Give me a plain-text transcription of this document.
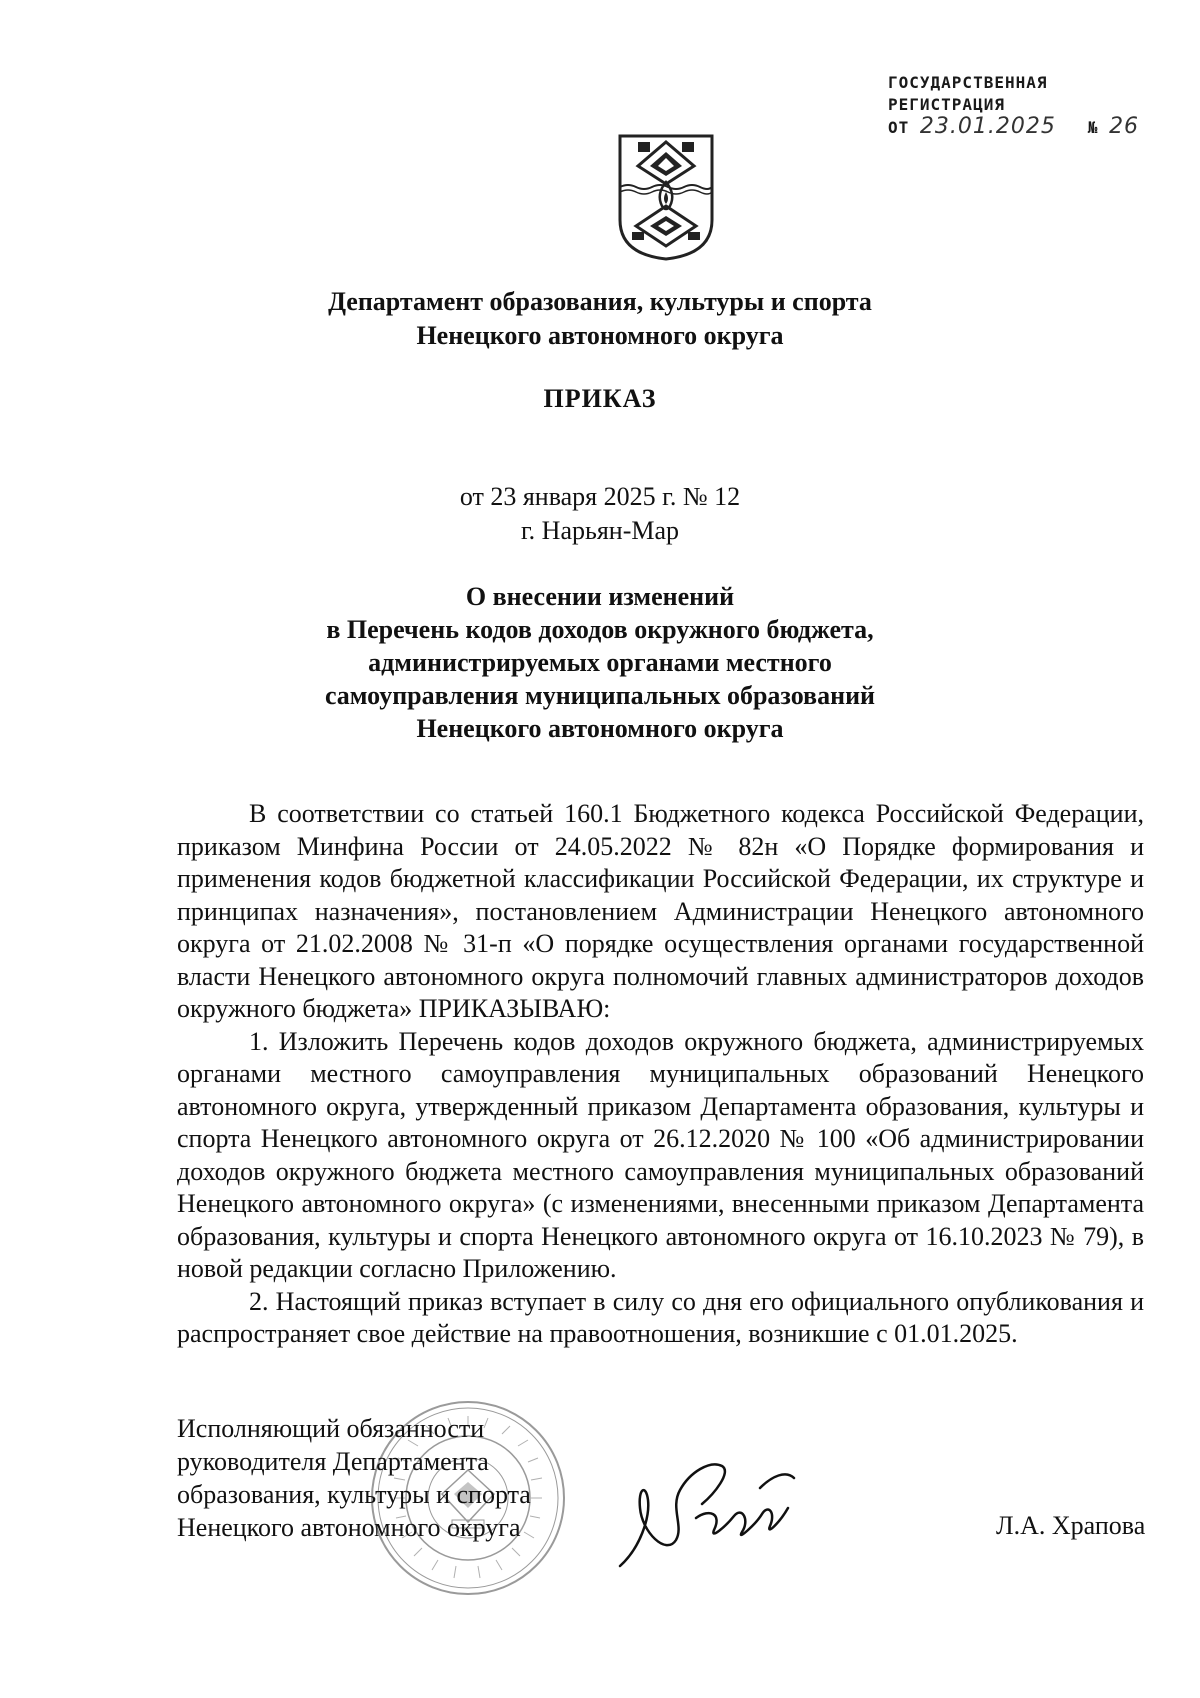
ГОСУДАРСТВЕННАЯ
РЕГИСТРАЦИЯ
ОТ 23.01.2025 № 26
Департамент образования, культуры и спорта
Ненецкого автономного округа
ПРИКАЗ
от 23 января 2025 г. № 12
г. Нарьян-Мар
О внесении изменений
в Перечень кодов доходов окружного бюджета,
администрируемых органами местного
самоуправления муниципальных образований
Ненецкого автономного округа

В соответствии со статьей 160.1 Бюджетного кодекса Российской Федерации, приказом Минфина России от 24.05.2022 № 82н «О Порядке формирования и применения кодов бюджетной классификации Российской Федерации, их структуре и принципах назначения», постановлением Администрации Ненецкого автономного округа от 21.02.2008 № 31-п «О порядке осуществления органами государственной власти Ненецкого автономного округа полномочий главных администраторов доходов окружного бюджета» ПРИКАЗЫВАЮ:

1. Изложить Перечень кодов доходов окружного бюджета, администрируемых органами местного самоуправления муниципальных образований Ненецкого автономного округа, утвержденный приказом Департамента образования, культуры и спорта Ненецкого автономного округа от 26.12.2020 № 100 «Об администрировании доходов окружного бюджета местного самоуправления муниципальных образований Ненецкого автономного округа» (с изменениями, внесенными приказом Департамента образования, культуры и спорта Ненецкого автономного округа от 16.10.2023 № 79), в новой редакции согласно Приложению.

2. Настоящий приказ вступает в силу со дня его официального опубликования и распространяет свое действие на правоотношения, возникшие с 01.01.2025.

Исполняющий обязанности
руководителя Департамента
образования, культуры и спорта
Ненецкого автономного округа	Л.А. Храпова
